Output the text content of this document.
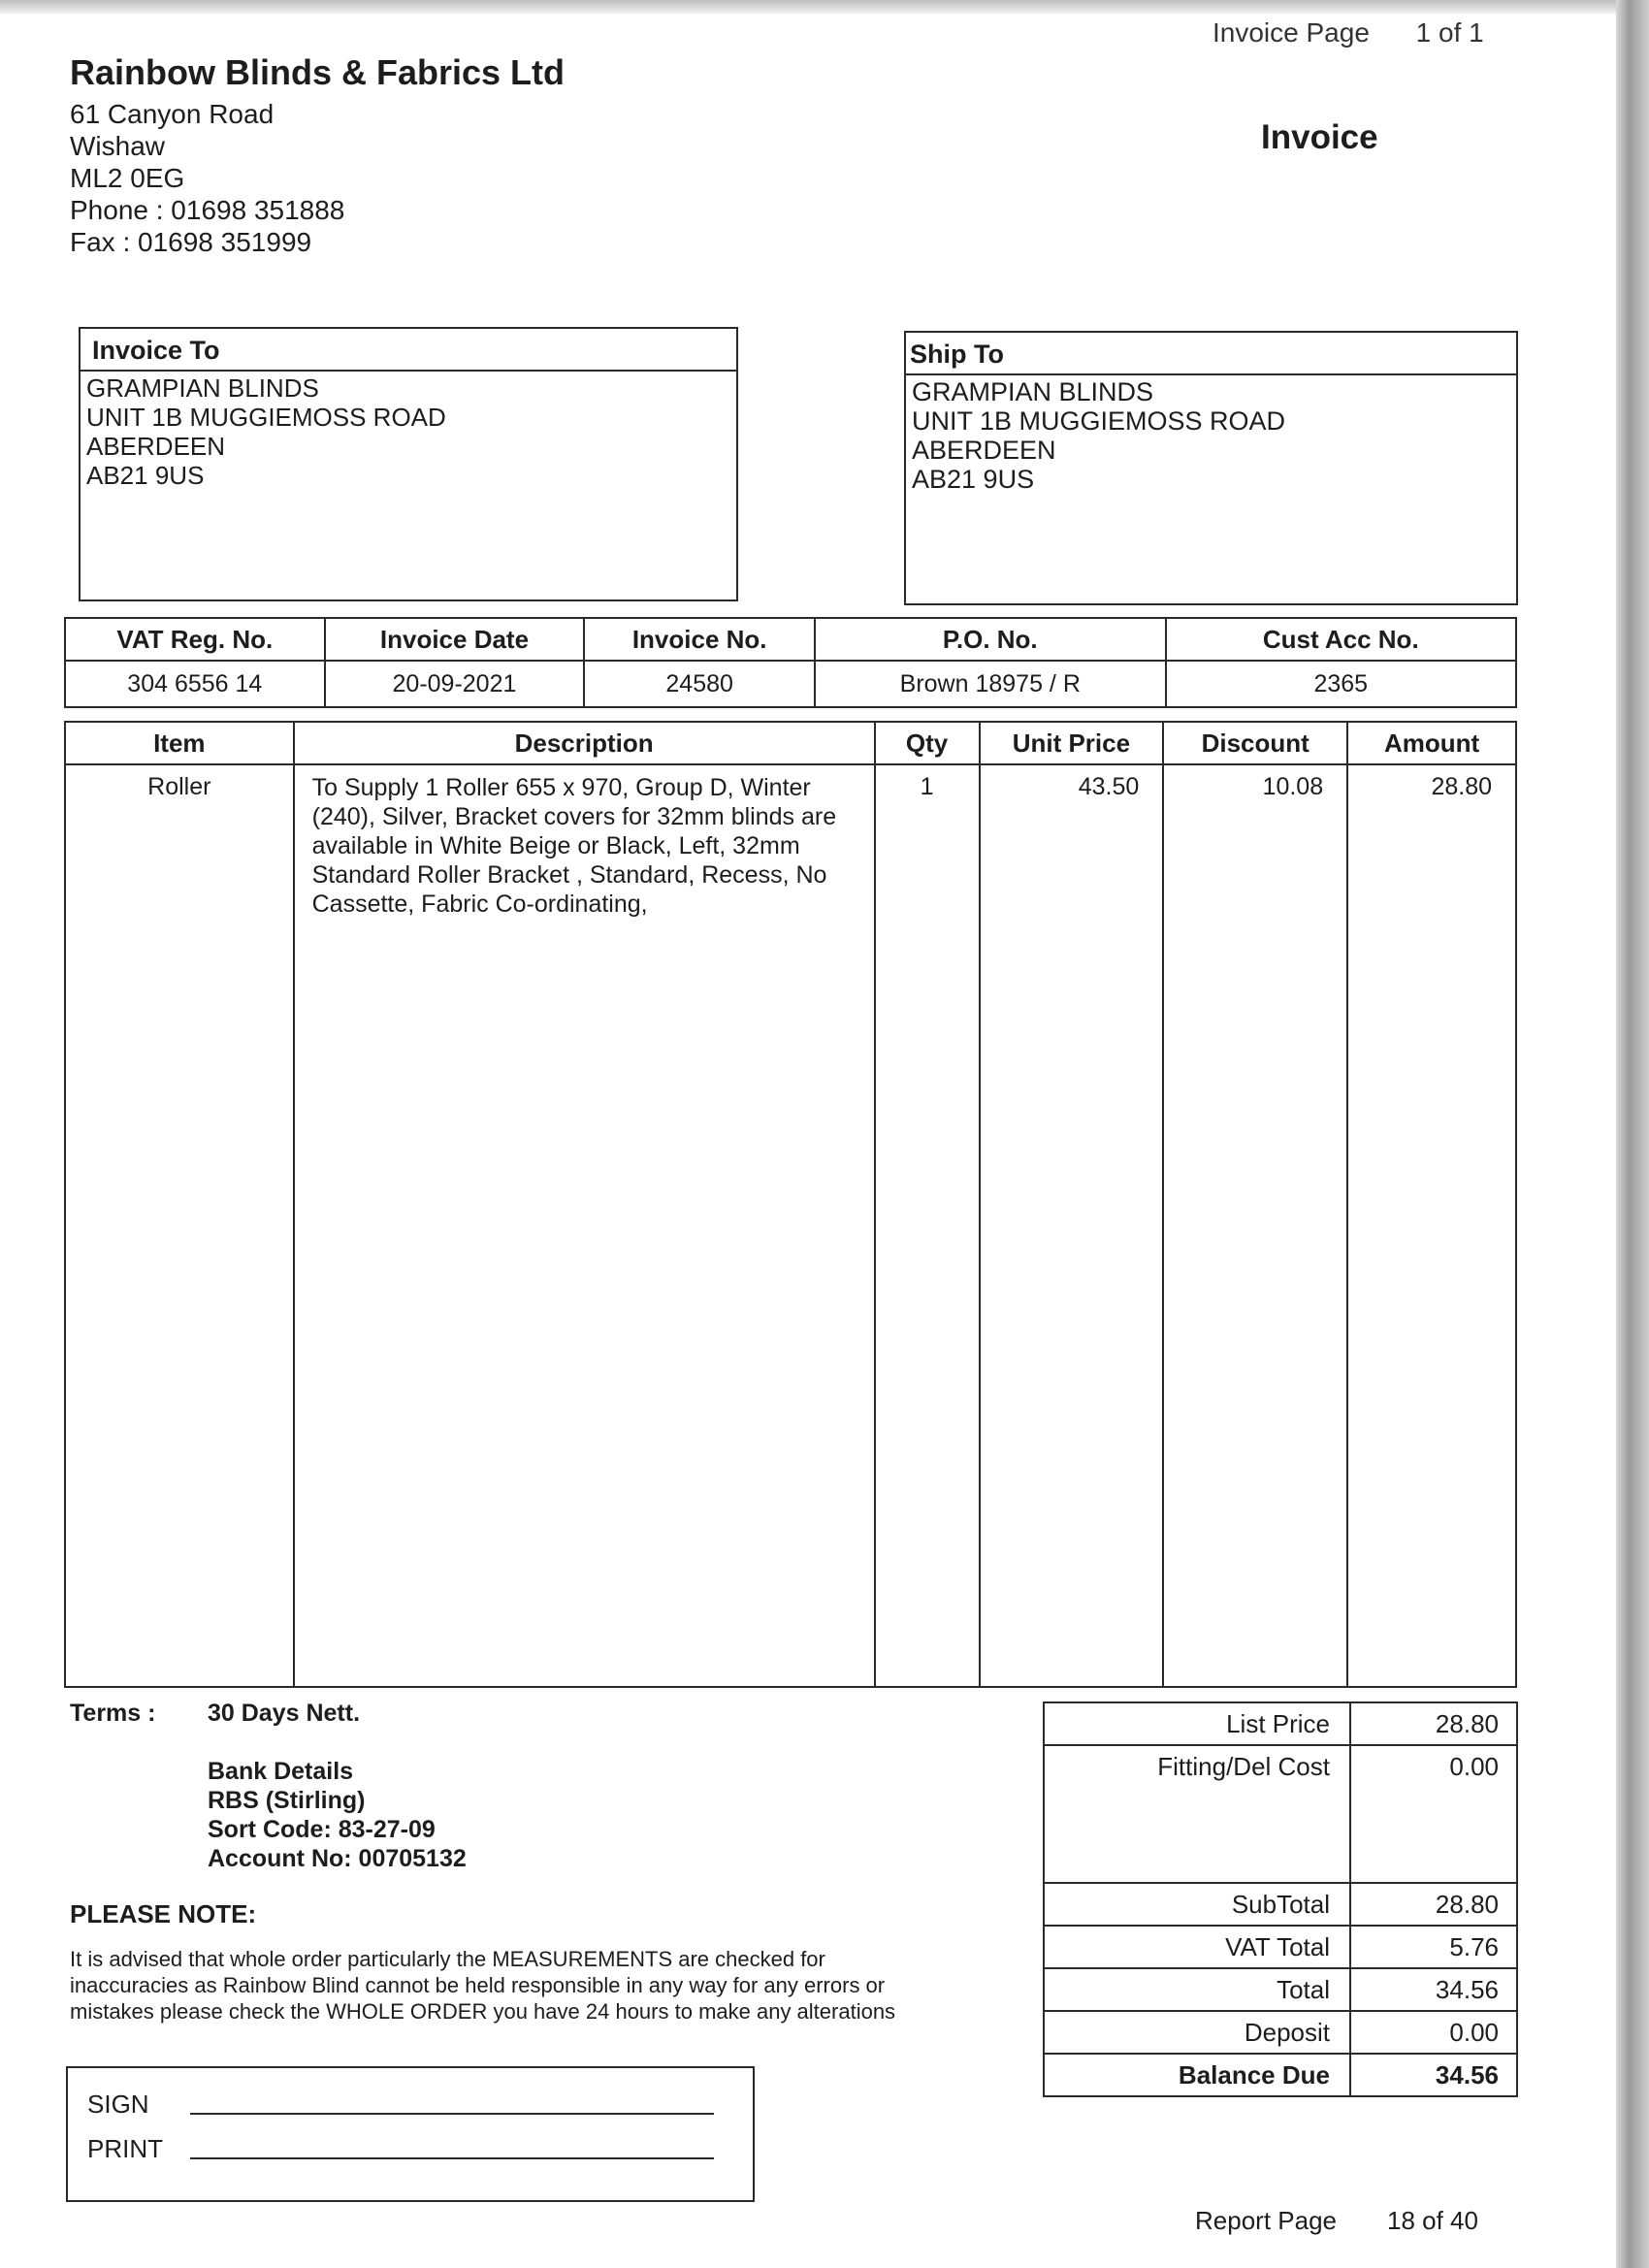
Invoice Page 1 of 1
Rainbow Blinds & Fabrics Ltd
61 Canyon Road
Wishaw
ML2 0EG
Phone : 01698 351888
Fax : 01698 351999
Invoice
Invoice To
GRAMPIAN BLINDS
UNIT 1B MUGGIEMOSS ROAD
ABERDEEN
AB21 9US
Ship To
GRAMPIAN BLINDS
UNIT 1B MUGGIEMOSS ROAD
ABERDEEN
AB21 9US
VAT Reg. No.	Invoice Date	Invoice No.	P.O. No.	Cust Acc No.
304 6556 14	20-09-2021	24580	Brown 18975 / R	2365
Item	Description	Qty	Unit Price	Discount	Amount
Roller	To Supply 1 Roller 655 x 970, Group D, Winter (240), Silver, Bracket covers for 32mm blinds are available in White Beige or Black, Left, 32mm Standard Roller Bracket , Standard, Recess, No Cassette, Fabric Co-ordinating,	1	43.50	10.08	28.80
Terms : 30 Days Nett.
Bank Details
RBS (Stirling)
Sort Code: 83-27-09
Account No: 00705132
PLEASE NOTE:
It is advised that whole order particularly the MEASUREMENTS are checked for
inaccuracies as Rainbow Blind cannot be held responsible in any way for any errors or
mistakes please check the WHOLE ORDER you have 24 hours to make any alterations
SIGN
PRINT
List Price	28.80
Fitting/Del Cost	0.00
SubTotal	28.80
VAT Total	5.76
Total	34.56
Deposit	0.00
Balance Due	34.56
Report Page 18 of 40
